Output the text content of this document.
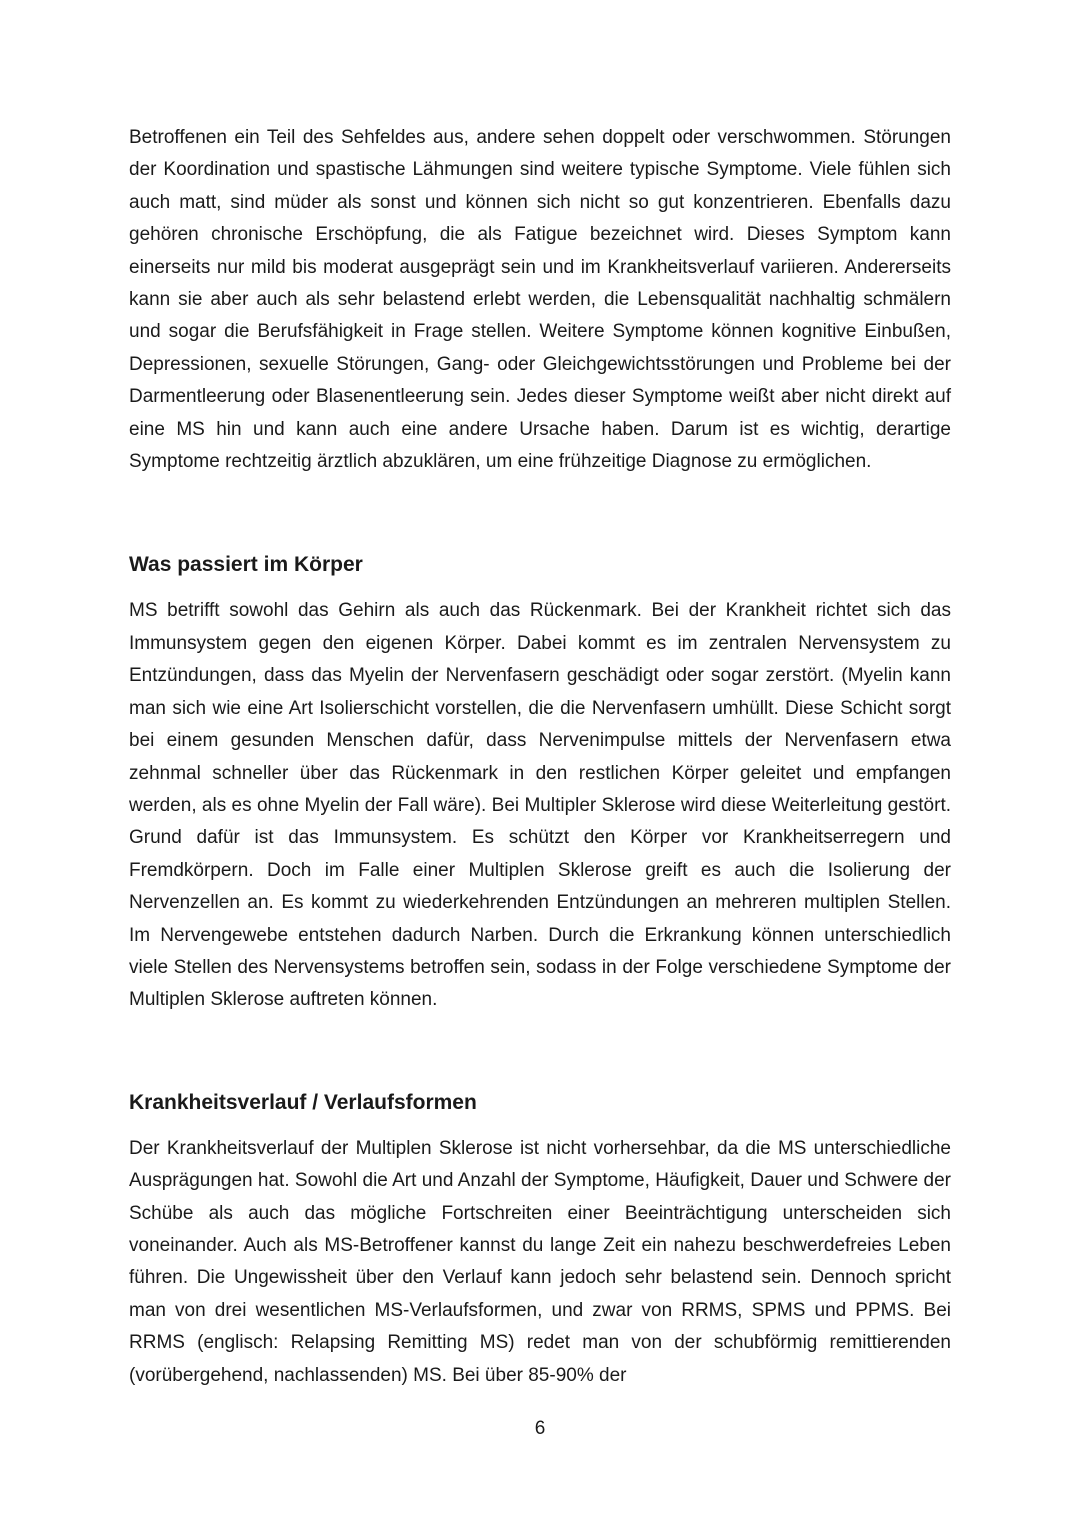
Betroffenen ein Teil des Sehfeldes aus, andere sehen doppelt oder verschwommen. Störungen der Koordination und spastische Lähmungen sind weitere typische Symptome. Viele fühlen sich auch matt, sind müder als sonst und können sich nicht so gut konzentrieren. Ebenfalls dazu gehören chronische Erschöpfung, die als Fatigue bezeichnet wird. Dieses Symptom kann einerseits nur mild bis moderat ausgeprägt sein und im Krankheitsverlauf variieren. Andererseits kann sie aber auch als sehr belastend erlebt werden, die Lebensqualität nachhaltig schmälern und sogar die Berufsfähigkeit in Frage stellen. Weitere Symptome können kognitive Einbußen, Depressionen, sexuelle Störungen, Gang- oder Gleichgewichtsstörungen und Probleme bei der Darmentleerung oder Blasenentleerung sein. Jedes dieser Symptome weißt aber nicht direkt auf eine MS hin und kann auch eine andere Ursache haben. Darum ist es wichtig, derartige Symptome rechtzeitig ärztlich abzuklären, um eine frühzeitige Diagnose zu ermöglichen.

Was passiert im Körper

MS betrifft sowohl das Gehirn als auch das Rückenmark. Bei der Krankheit richtet sich das Immunsystem gegen den eigenen Körper. Dabei kommt es im zentralen Nervensystem zu Entzündungen, dass das Myelin der Nervenfasern geschädigt oder sogar zerstört. (Myelin kann man sich wie eine Art Isolierschicht vorstellen, die die Nervenfasern umhüllt. Diese Schicht sorgt bei einem gesunden Menschen dafür, dass Nervenimpulse mittels der Nervenfasern etwa zehnmal schneller über das Rückenmark in den restlichen Körper geleitet und empfangen werden, als es ohne Myelin der Fall wäre). Bei Multipler Sklerose wird diese Weiterleitung gestört. Grund dafür ist das Immunsystem. Es schützt den Körper vor Krankheitserregern und Fremdkörpern. Doch im Falle einer Multiplen Sklerose greift es auch die Isolierung der Nervenzellen an. Es kommt zu wiederkehrenden Entzündungen an mehreren multiplen Stellen. Im Nervengewebe entstehen dadurch Narben. Durch die Erkrankung können unterschiedlich viele Stellen des Nervensystems betroffen sein, sodass in der Folge verschiedene Symptome der Multiplen Sklerose auftreten können.

Krankheitsverlauf / Verlaufsformen

Der Krankheitsverlauf der Multiplen Sklerose ist nicht vorhersehbar, da die MS unterschiedliche Ausprägungen hat. Sowohl die Art und Anzahl der Symptome, Häufigkeit, Dauer und Schwere der Schübe als auch das mögliche Fortschreiten einer Beeinträchtigung unterscheiden sich voneinander. Auch als MS-Betroffener kannst du lange Zeit ein nahezu beschwerdefreies Leben führen. Die Ungewissheit über den Verlauf kann jedoch sehr belastend sein. Dennoch spricht man von drei wesentlichen MS-Verlaufsformen, und zwar von RRMS, SPMS und PPMS. Bei RRMS (englisch: Relapsing Remitting MS) redet man von der schubförmig remittierenden (vorübergehend, nachlassenden) MS. Bei über 85-90% der

6
